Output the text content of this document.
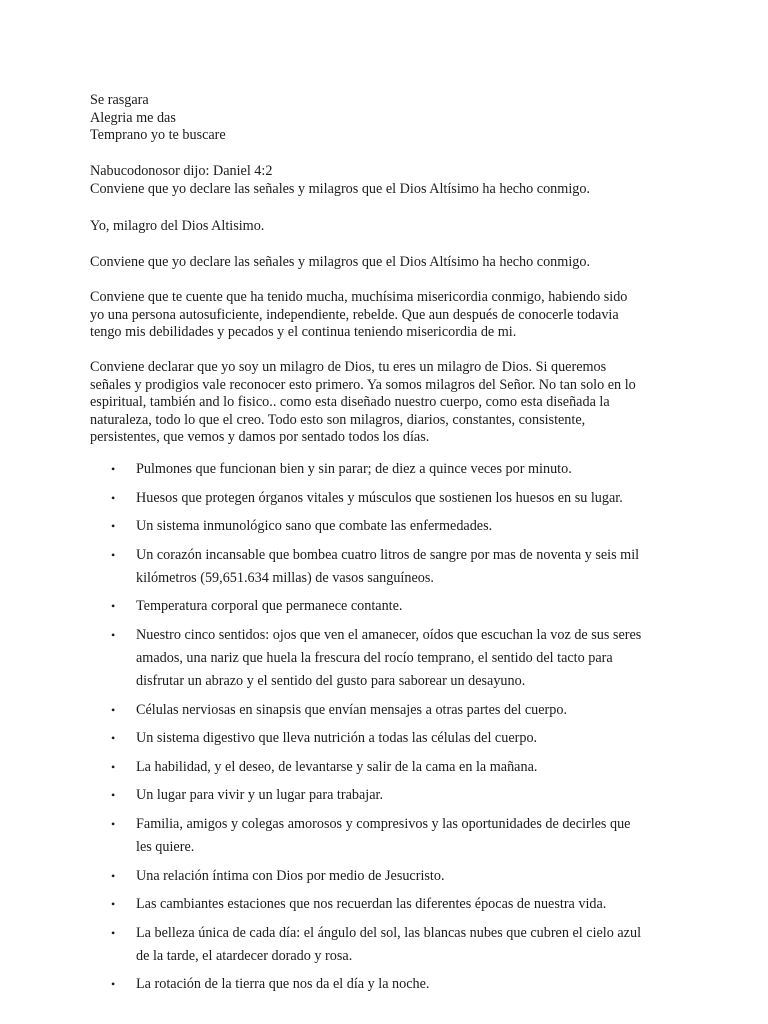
Se rasgara
Alegria me das
Temprano yo te buscare
Nabucodonosor dijo: Daniel 4:2
Conviene que yo declare las señales y milagros que el Dios Altísimo ha hecho conmigo.
Yo, milagro del Dios Altisimo.
Conviene que yo declare las señales y milagros que el Dios Altísimo ha hecho conmigo.
Conviene que te cuente que ha tenido mucha, muchísima misericordia conmigo, habiendo sido
yo una persona autosuficiente, independiente, rebelde. Que aun después de conocerle todavia
tengo mis debilidades y pecados y el continua teniendo misericordia de mi.
Conviene declarar que yo soy un milagro de Dios, tu eres un milagro de Dios. Si queremos
señales y prodigios vale reconocer esto primero. Ya somos milagros del Señor. No tan solo en lo
espiritual, también and lo fisico.. como esta diseñado nuestro cuerpo, como esta diseñada la
naturaleza, todo lo que el creo. Todo esto son milagros, diarios, constantes, consistente,
persistentes, que vemos y damos por sentado todos los días.
• Pulmones que funcionan bien y sin parar; de diez a quince veces por minuto.
• Huesos que protegen órganos vitales y músculos que sostienen los huesos en su lugar.
• Un sistema inmunológico sano que combate las enfermedades.
• Un corazón incansable que bombea cuatro litros de sangre por mas de noventa y seis mil
kilómetros (59,651.634 millas) de vasos sanguíneos.
• Temperatura corporal que permanece contante.
• Nuestro cinco sentidos: ojos que ven el amanecer, oídos que escuchan la voz de sus seres
amados, una nariz que huela la frescura del rocío temprano, el sentido del tacto para
disfrutar un abrazo y el sentido del gusto para saborear un desayuno.
• Células nerviosas en sinapsis que envían mensajes a otras partes del cuerpo.
• Un sistema digestivo que lleva nutrición a todas las células del cuerpo.
• La habilidad, y el deseo, de levantarse y salir de la cama en la mañana.
• Un lugar para vivir y un lugar para trabajar.
• Familia, amigos y colegas amorosos y compresivos y las oportunidades de decirles que
les quiere.
• Una relación íntima con Dios por medio de Jesucristo.
• Las cambiantes estaciones que nos recuerdan las diferentes épocas de nuestra vida.
• La belleza única de cada día: el ángulo del sol, las blancas nubes que cubren el cielo azul
de la tarde, el atardecer dorado y rosa.
• La rotación de la tierra que nos da el día y la noche.
